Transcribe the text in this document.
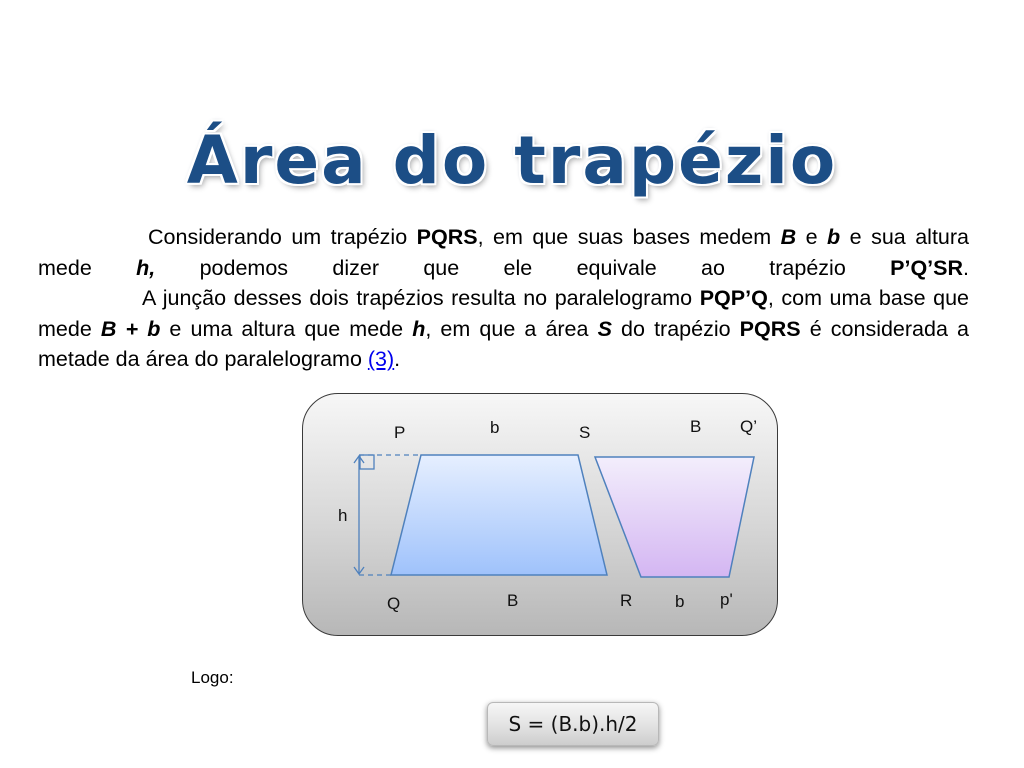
Área do trapézio

Considerando um trapézio PQRS, em que suas bases medem B e b e sua altura mede h, podemos dizer que ele equivale ao trapézio P’Q’SR.

A junção desses dois trapézios resulta no paralelogramo PQP’Q, com uma base que mede B + b e uma altura que mede h, em que a área S do trapézio PQRS é considerada a metade da área do paralelogramo (3).

P	b	S	B Q’
h
Q	B	R	b p'
Logo:
S = (B.b).h/2
